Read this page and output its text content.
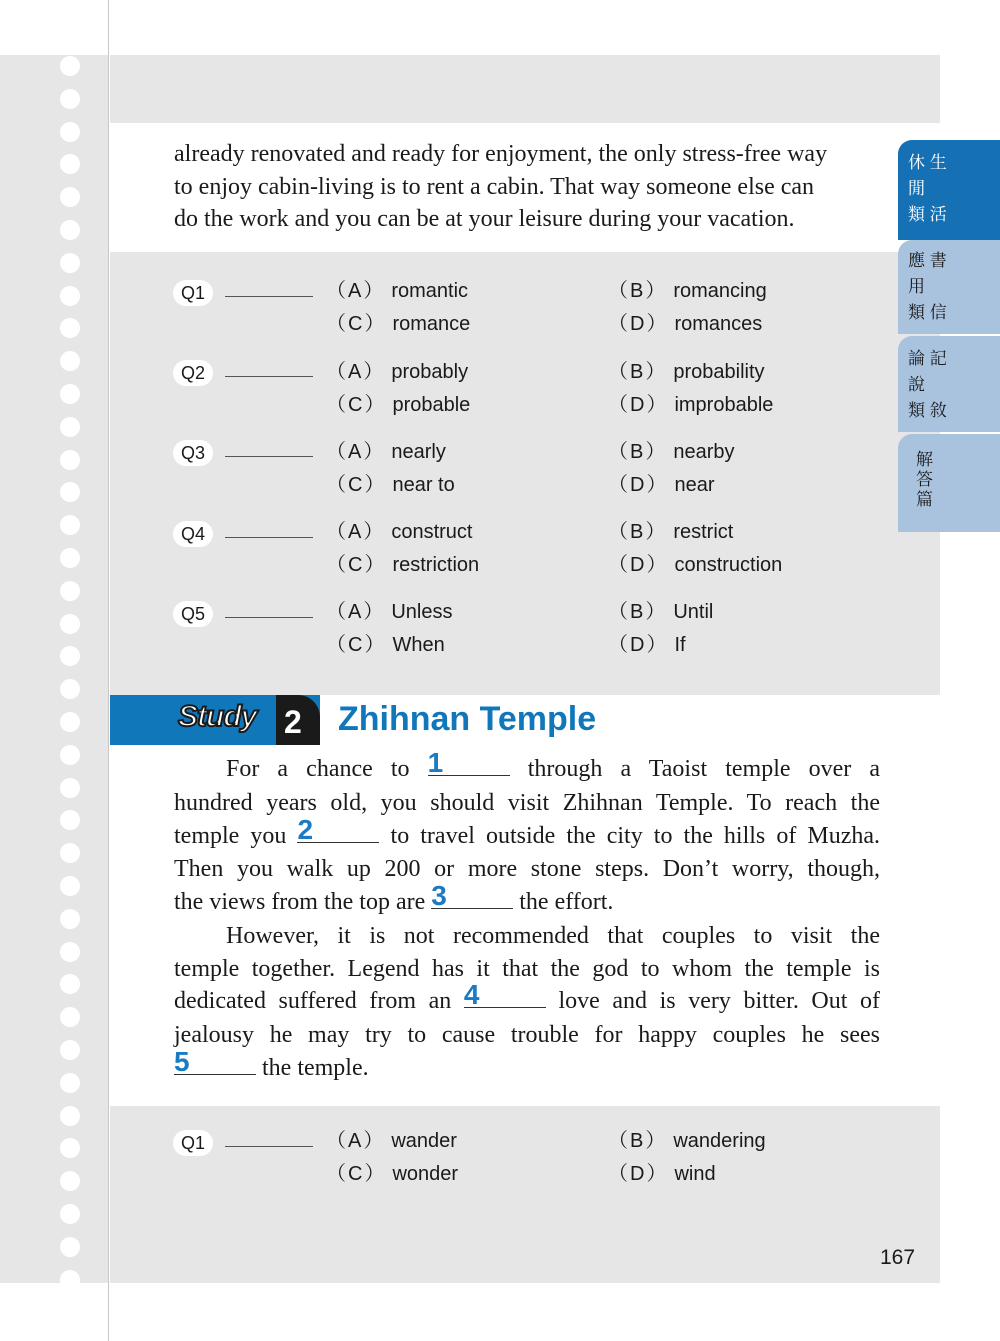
already renovated and ready for enjoyment, the only stress-free way
to enjoy cabin-living is to rent a cabin. That way someone else can
do the work and you can be at your leisure during your vacation.
Q1	（A） romantic	（B） romancing
（C） romance	（D） romances
Q2	（A） probably	（B） probability
（C） probable	（D） improbable
Q3	（A） nearly	（B） nearby
（C） near to	（D） near
Q4	（A） construct	（B） restrict
（C） restriction	（D） construction
Q5	（A） Unless	（B） Until
（C） When	（D） If
Study 2 Zhihnan Temple
For a chance to 1	through a Taoist temple over a
hundred years old, you should visit Zhihnan Temple. To reach the
temple you 2	to travel outside the city to the hills of Muzha.
Then you walk up 200 or more stone steps. Don’t worry, though,
the views from the top are 3	the effort.
However, it is not recommended that couples to visit the
temple together. Legend has it that the god to whom the temple is
dedicated suffered from an 4	love and is very bitter. Out of
jealousy he may try to cause trouble for happy couples he sees
5	the temple.
Q1	（A） wander	（B） wandering
（C） wonder	（D） wind
休 生
閒
類 活
應 書
用
類 信
論 記
說
類 敘
解
答
篇
167
